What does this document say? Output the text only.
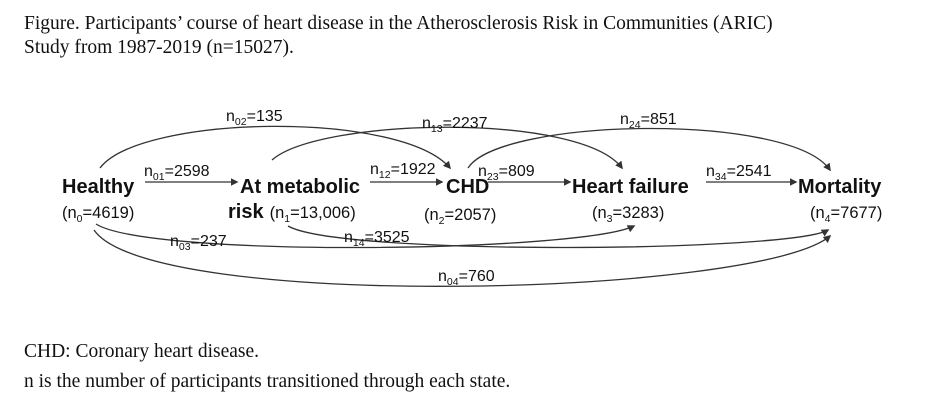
Figure. Participants’ course of heart disease in the Atherosclerosis Risk in Communities (ARIC)
Study from 1987-2019 (n=15027).
Healthy
$(n_0=4619)$
At metabolic
risk ($n_1^{=13,006)}$
CHD
$(n_2=2057)$
Heart failure
$(n_3=3283)$
Mortality
$(n_4=7677)$
$n_{01}=2598$	$n_{12}=1922$	$n_{23}=809$	$n_{34}=2541$
$n_{02}=135$	$n_{13}=2237$	$n_{24}=851$
$n_{03}=237$	$n_{14}=3525$
$n_{04}=760$
CHD: Coronary heart disease.
n is the number of participants transitioned through each state.
